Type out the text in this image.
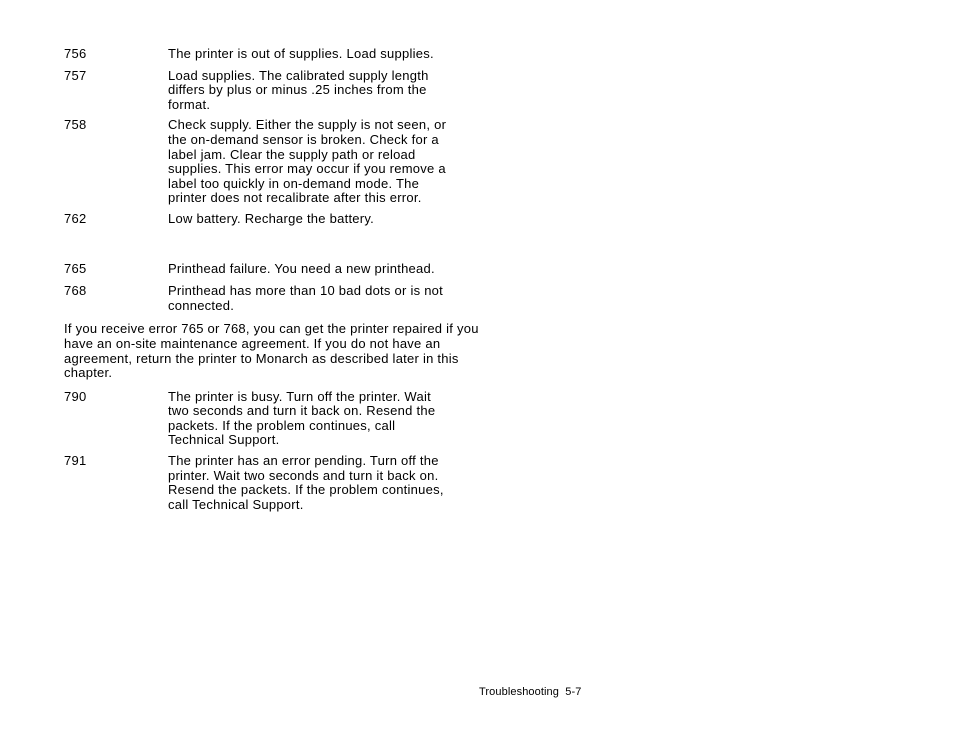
756	The printer is out of supplies. Load supplies.
757	Load supplies. The calibrated supply length
differs by plus or minus .25 inches from the
format.
758	Check supply. Either the supply is not seen, or
the on-demand sensor is broken. Check for a
label jam. Clear the supply path or reload
supplies. This error may occur if you remove a
label too quickly in on-demand mode. The
printer does not recalibrate after this error.
762	Low battery. Recharge the battery.
765	Printhead failure. You need a new printhead.
768	Printhead has more than 10 bad dots or is not
connected.

If you receive error 765 or 768, you can get the printer repaired if you
have an on-site maintenance agreement. If you do not have an
agreement, return the printer to Monarch as described later in this
chapter.

790	The printer is busy. Turn off the printer. Wait
two seconds and turn it back on. Resend the
packets. If the problem continues, call
Technical Support.
791	The printer has an error pending. Turn off the
printer. Wait two seconds and turn it back on.
Resend the packets. If the problem continues,
call Technical Support.
Troubleshooting  5-7
